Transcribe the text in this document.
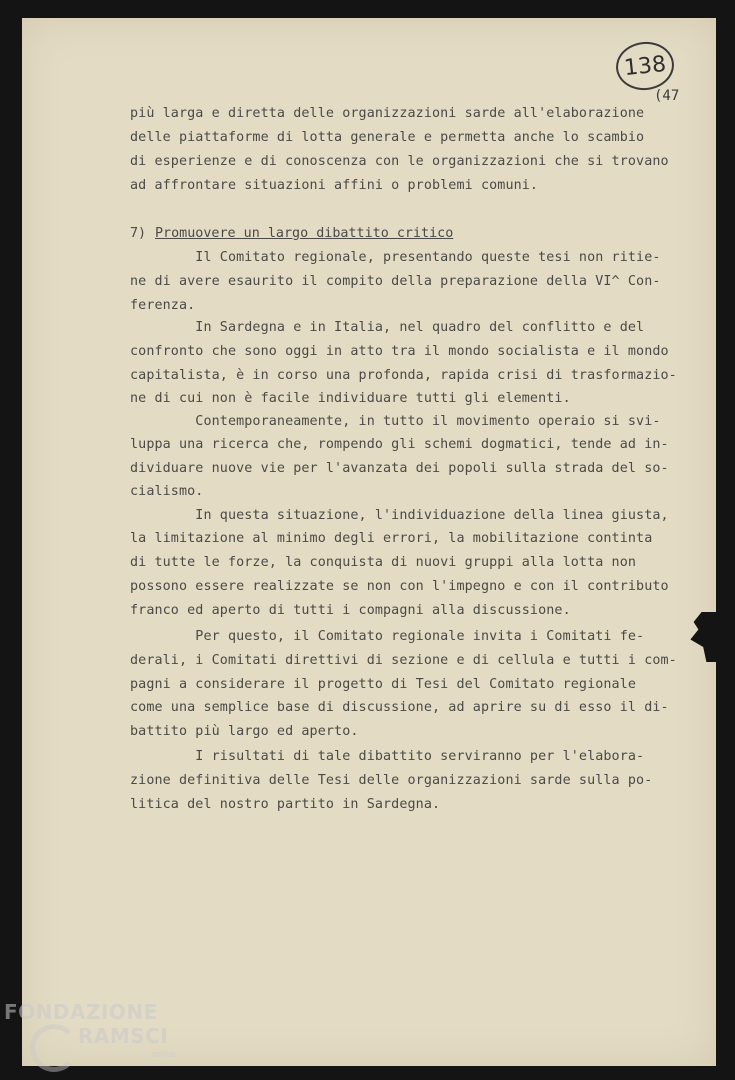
138
(47
più larga e diretta delle organizzazioni sarde all'elaborazione
delle piattaforme di lotta generale e permetta anche lo scambio
di esperienze e di conoscenza con le organizzazioni che si trovano
ad affrontare situazioni affini o problemi comuni.
7) Promuovere un largo dibattito critico
Il Comitato regionale, presentando queste tesi non ritie-
ne di avere esaurito il compito della preparazione della VI^ Con-
ferenza.
In Sardegna e in Italia, nel quadro del conflitto e del
confronto che sono oggi in atto tra il mondo socialista e il mondo
capitalista, è in corso una profonda, rapida crisi di trasformazio-
ne di cui non è facile individuare tutti gli elementi.
Contemporaneamente, in tutto il movimento operaio si svi-
luppa una ricerca che, rompendo gli schemi dogmatici, tende ad in-
dividuare nuove vie per l'avanzata dei popoli sulla strada del so-
cialismo.
In questa situazione, l'individuazione della linea giusta,
la limitazione al minimo degli errori, la mobilitazione continta
di tutte le forze, la conquista di nuovi gruppi alla lotta non
possono essere realizzate se non con l'impegno e con il contributo
franco ed aperto di tutti i compagni alla discussione.
Per questo, il Comitato regionale invita i Comitati fe-
derali, i Comitati direttivi di sezione e di cellula e tutti i com-
pagni a considerare il progetto di Tesi del Comitato regionale
come una semplice base di discussione, ad aprire su di esso il di-
battito più largo ed aperto.
I risultati di tale dibattito serviranno per l'elabora-
zione definitiva delle Tesi delle organizzazioni sarde sulla po-
litica del nostro partito in Sardegna.
FONDAZIONE
RAMSCI
onlus
